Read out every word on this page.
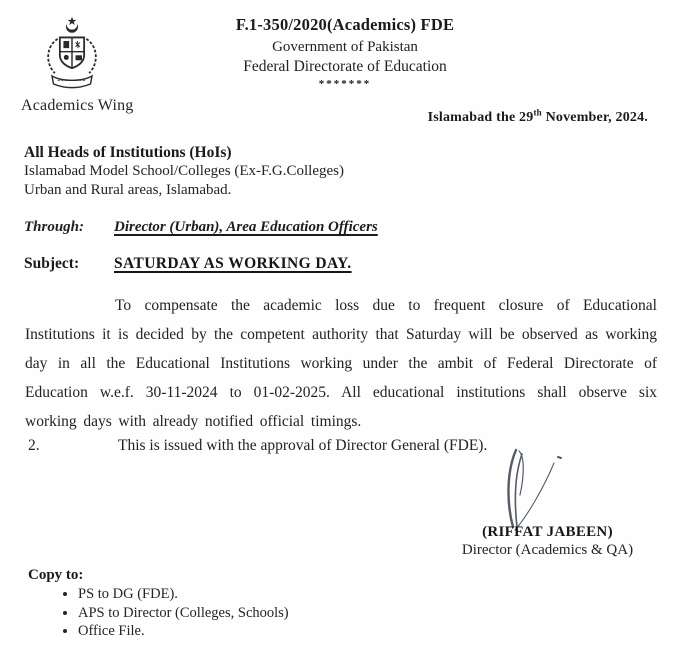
Academics Wing
F.1-350/2020(Academics) FDE
Government of Pakistan
Federal Directorate of Education
*******
Islamabad the 29th November, 2024.
All Heads of Institutions (HoIs)
Islamabad Model School/Colleges (Ex-F.G.Colleges)
Urban and Rural areas, Islamabad.
Through: Director (Urban), Area Education Officers
Subject: SATURDAY AS WORKING DAY.
To compensate the academic loss due to frequent closure of Educational Institutions it is decided by the competent authority that Saturday will be observed as working day in all the Educational Institutions working under the ambit of Federal Directorate of Education w.e.f. 30-11-2024 to 01-02-2025. All educational institutions shall observe six working days with already notified official timings.
2.	This is issued with the approval of Director General (FDE).
(RIFFAT JABEEN)
Director (Academics & QA)
Copy to:
• PS to DG (FDE).
• APS to Director (Colleges, Schools)
• Office File.
